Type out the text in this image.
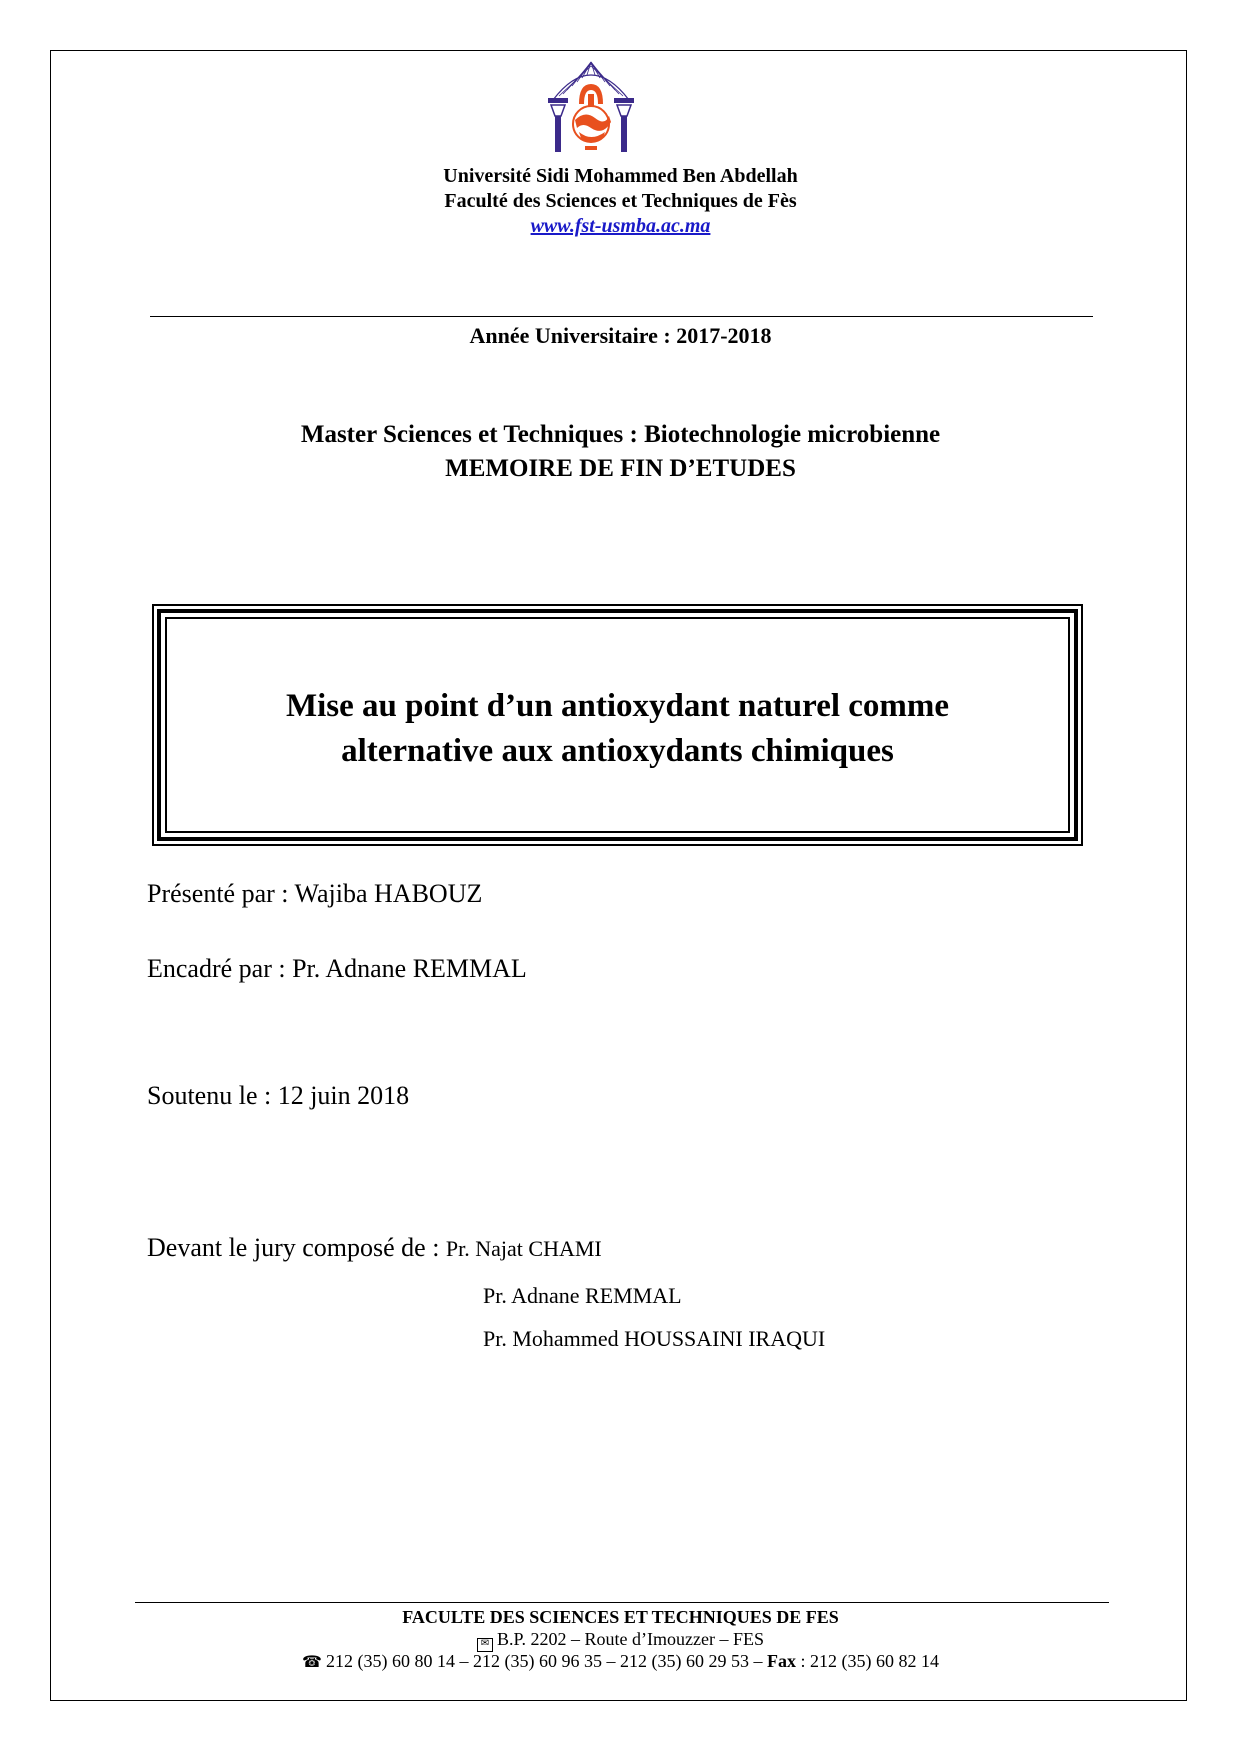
Université Sidi Mohammed Ben Abdellah
Faculté des Sciences et Techniques de Fès
www.fst-usmba.ac.ma
Année Universitaire : 2017-2018
Master Sciences et Techniques : Biotechnologie microbienne
MEMOIRE DE FIN D’ETUDES
Mise au point d’un antioxydant naturel comme
alternative aux antioxydants chimiques
Présenté par : Wajiba HABOUZ
Encadré par : Pr. Adnane REMMAL
Soutenu le : 12 juin 2018
Devant le jury composé de : Pr. Najat CHAMI
Pr. Adnane REMMAL
Pr. Mohammed HOUSSAINI IRAQUI
FACULTE DES SCIENCES ET TECHNIQUES DE FES
✉ B.P. 2202 – Route d’Imouzzer – FES
☎ 212 (35) 60 80 14 – 212 (35) 60 96 35 – 212 (35) 60 29 53 – Fax : 212 (35) 60 82 14
